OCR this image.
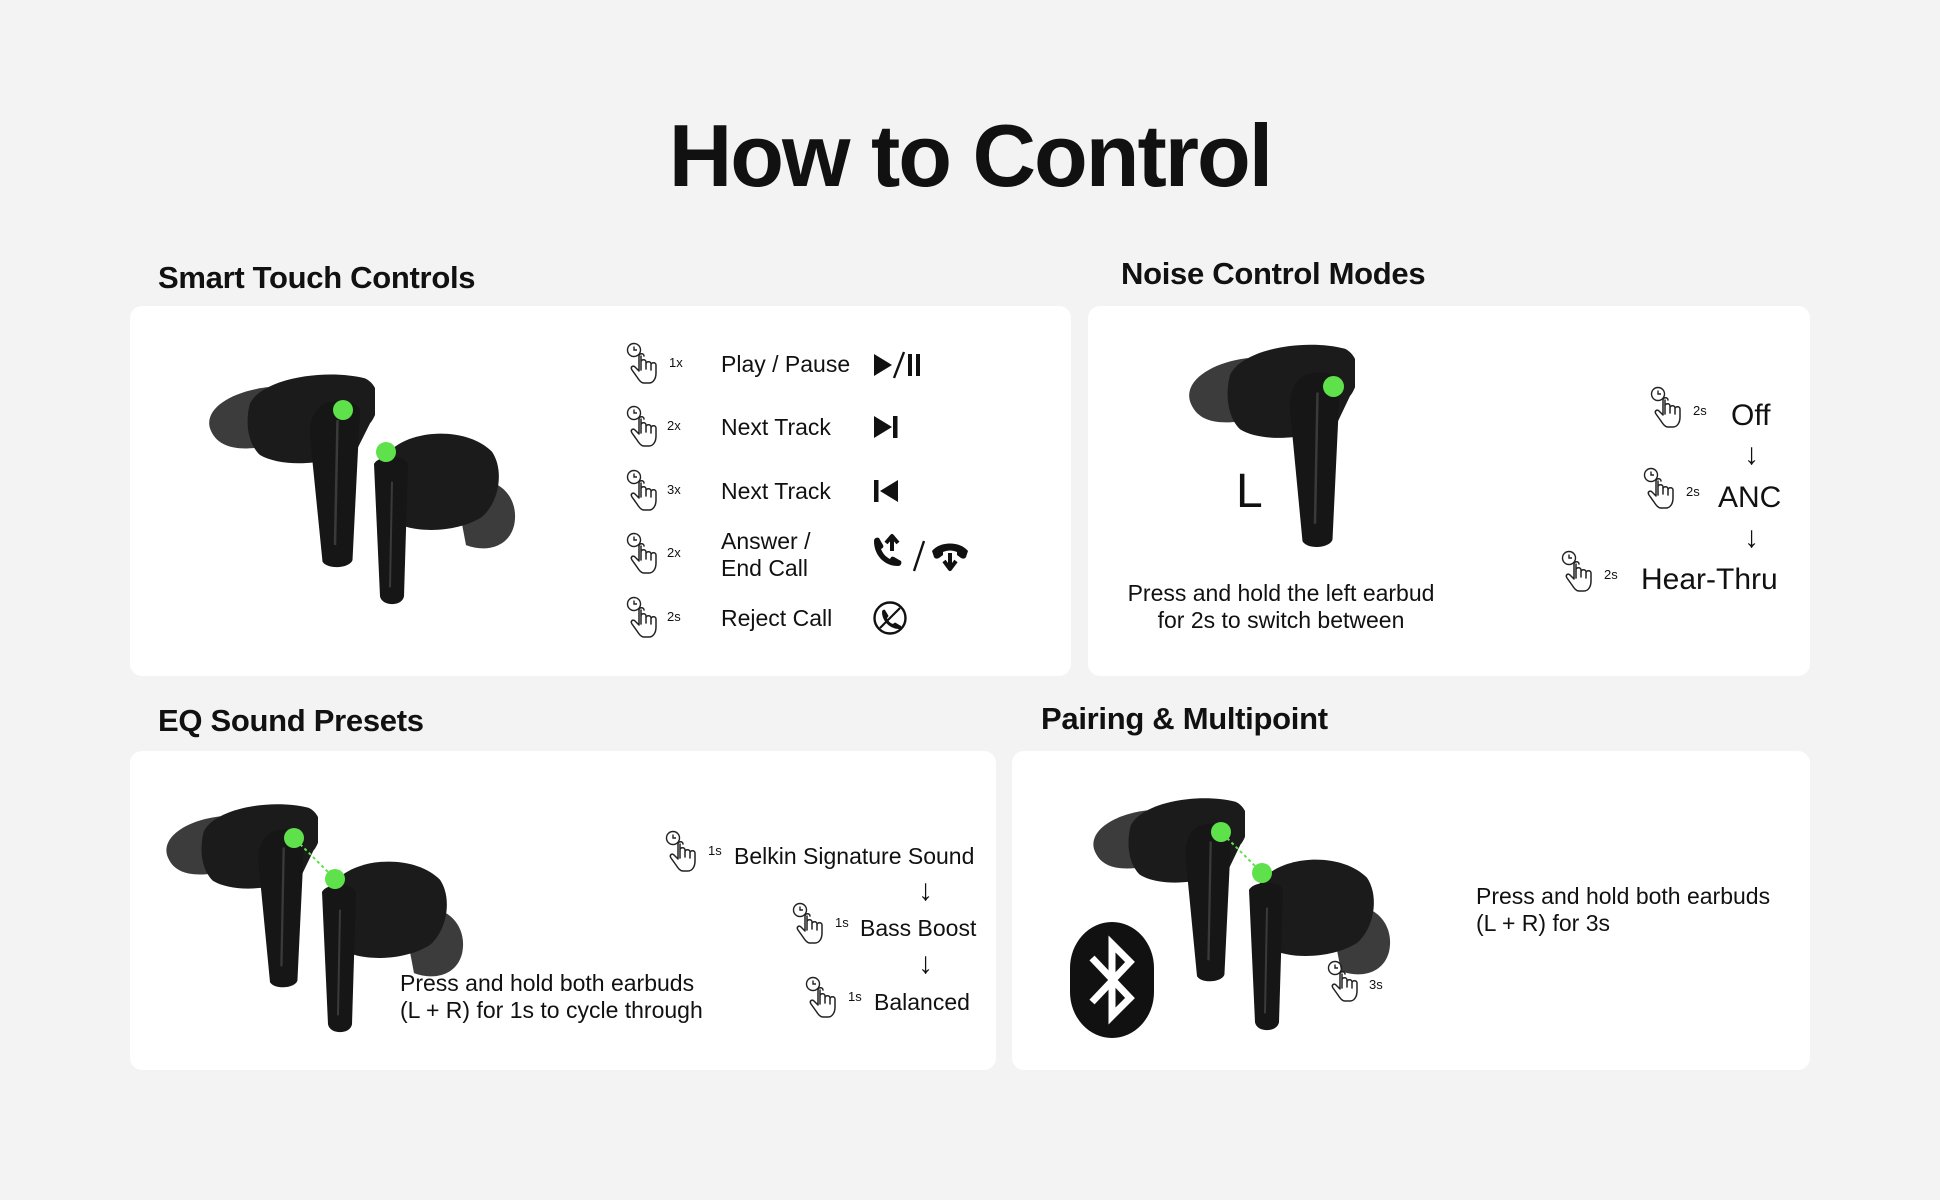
How to Control
Smart Touch Controls
1x Play / Pause
2x Next Track
3x Next Track
2x Answer / End Call
2s Reject Call
Noise Control Modes
L
Press and hold the left earbud for 2s to switch between
2s Off
↓
2s ANC
↓
2s Hear-Thru
EQ Sound Presets
Press and hold both earbuds (L + R) for 1s to cycle through
1s Belkin Signature Sound
↓
1s Bass Boost
↓
1s Balanced
Pairing & Multipoint
3s
Press and hold both earbuds (L + R) for 3s
